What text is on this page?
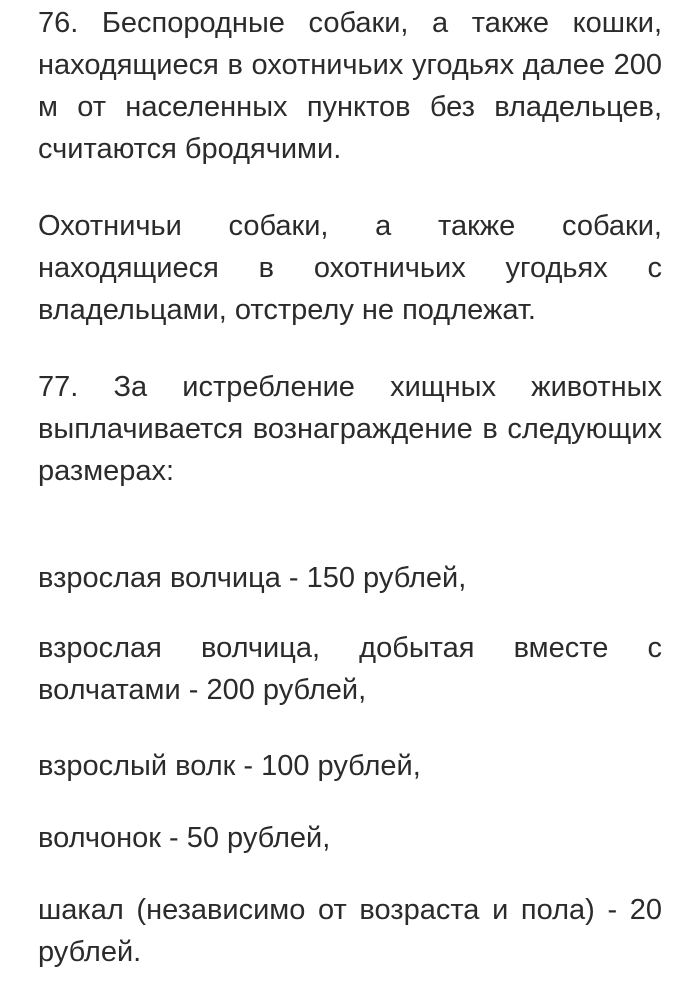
76. Беспородные собаки, а также кошки, находящиеся в охотничьих угодьях далее 200 м от населенных пунктов без владельцев, считаются бродячими.

Охотничьи собаки, а также собаки, находящиеся в охотничьих угодьях с владельцами, отстрелу не подлежат.

77. За истребление хищных животных выплачивается вознаграждение в следующих размерах:

взрослая волчица - 150 рублей,

взрослая волчица, добытая вместе с волчатами - 200 рублей,

взрослый волк - 100 рублей,

волчонок - 50 рублей,

шакал (независимо от возраста и пола) - 20 рублей.
